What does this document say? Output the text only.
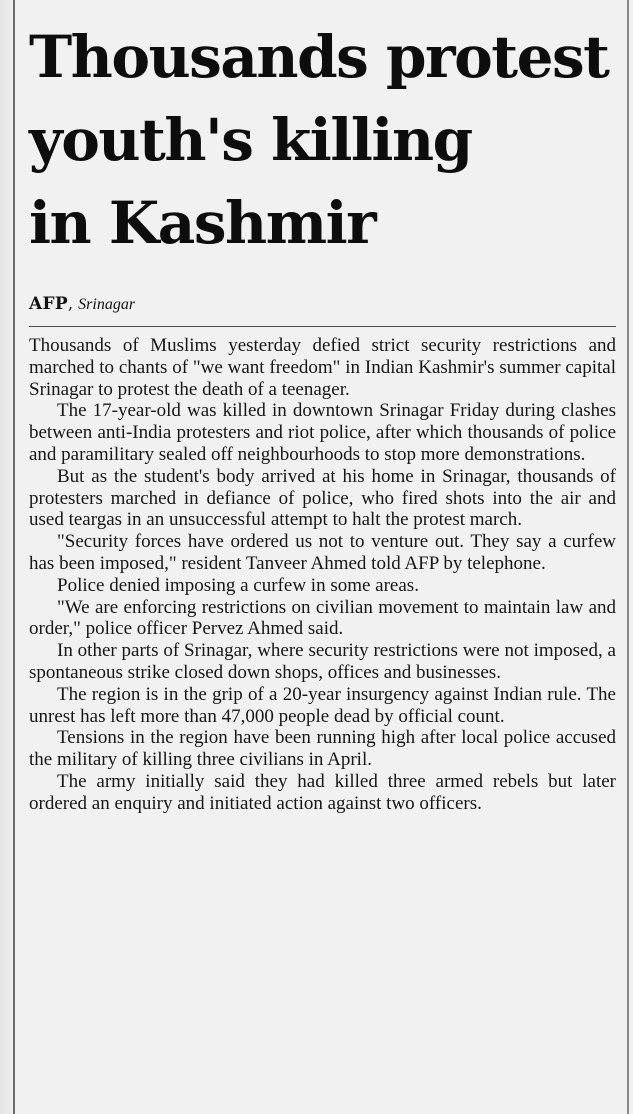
Thousands protest
youth's killing
in Kashmir
AFP, Srinagar

Thousands of Muslims yesterday defied strict security restrictions and marched to chants of "we want freedom" in Indian Kashmir's summer capital Srinagar to protest the death of a teenager.

The 17-year-old was killed in downtown Srinagar Friday during clashes between anti-India protesters and riot police, after which thousands of police and paramilitary sealed off neighbourhoods to stop more demonstrations.

But as the student's body arrived at his home in Srinagar, thousands of protesters marched in defiance of police, who fired shots into the air and used teargas in an unsuccessful attempt to halt the protest march.

"Security forces have ordered us not to venture out. They say a curfew has been imposed," resident Tanveer Ahmed told AFP by telephone.

Police denied imposing a curfew in some areas.

"We are enforcing restrictions on civilian movement to maintain law and order," police officer Pervez Ahmed said.

In other parts of Srinagar, where security restrictions were not imposed, a spontaneous strike closed down shops, offices and businesses.

The region is in the grip of a 20-year insurgency against Indian rule. The unrest has left more than 47,000 people dead by official count.

Tensions in the region have been running high after local police accused the military of killing three civilians in April.

The army initially said they had killed three armed rebels but later ordered an enquiry and initiated action against two officers.
